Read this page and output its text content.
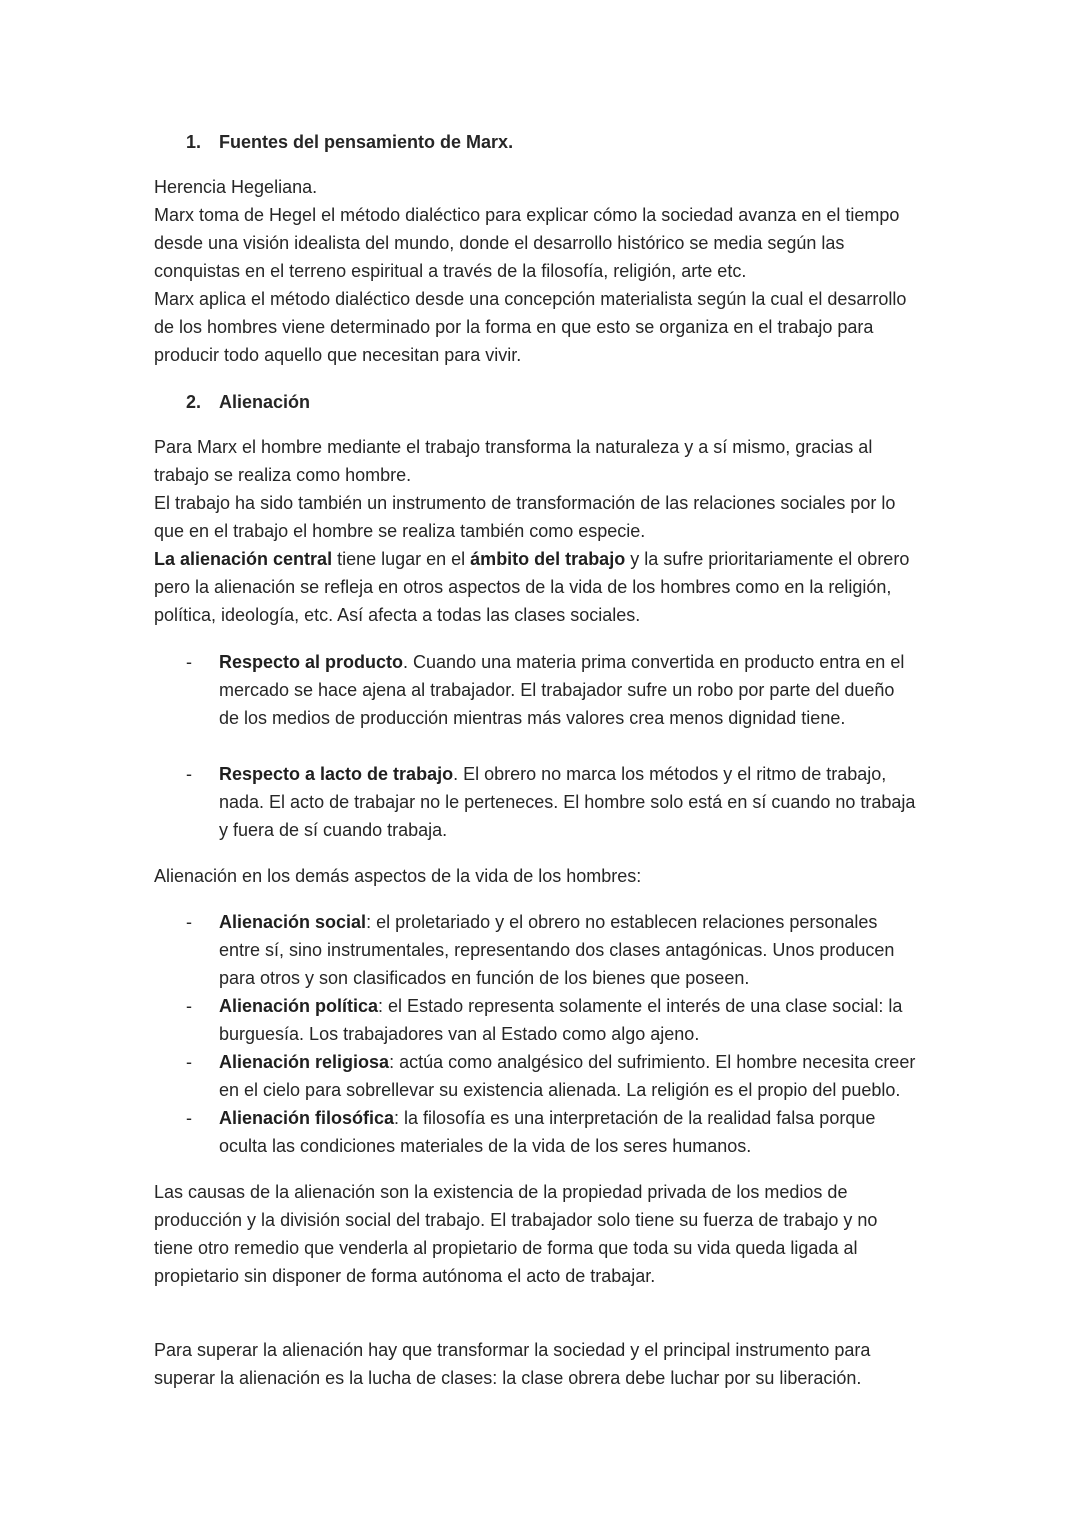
1. Fuentes del pensamiento de Marx.
Herencia Hegeliana.
Marx toma de Hegel el método dialéctico para explicar cómo la sociedad avanza en el tiempo
desde una visión idealista del mundo, donde el desarrollo histórico se media según las
conquistas en el terreno espiritual a través de la filosofía, religión, arte etc.
Marx aplica el método dialéctico desde una concepción materialista según la cual el desarrollo
de los hombres viene determinado por la forma en que esto se organiza en el trabajo para
producir todo aquello que necesitan para vivir.
2. Alienación
Para Marx el hombre mediante el trabajo transforma la naturaleza y a sí mismo, gracias al
trabajo se realiza como hombre.
El trabajo ha sido también un instrumento de transformación de las relaciones sociales por lo
que en el trabajo el hombre se realiza también como especie.
La alienación central tiene lugar en el ámbito del trabajo y la sufre prioritariamente el obrero
pero la alienación se refleja en otros aspectos de la vida de los hombres como en la religión,
política, ideología, etc. Así afecta a todas las clases sociales.
- Respecto al producto. Cuando una materia prima convertida en producto entra en el
mercado se hace ajena al trabajador. El trabajador sufre un robo por parte del dueño
de los medios de producción mientras más valores crea menos dignidad tiene.
- Respecto a lacto de trabajo. El obrero no marca los métodos y el ritmo de trabajo,
nada. El acto de trabajar no le perteneces. El hombre solo está en sí cuando no trabaja
y fuera de sí cuando trabaja.
Alienación en los demás aspectos de la vida de los hombres:
- Alienación social: el proletariado y el obrero no establecen relaciones personales
entre sí, sino instrumentales, representando dos clases antagónicas. Unos producen
para otros y son clasificados en función de los bienes que poseen.
- Alienación política: el Estado representa solamente el interés de una clase social: la
burguesía. Los trabajadores van al Estado como algo ajeno.
- Alienación religiosa: actúa como analgésico del sufrimiento. El hombre necesita creer
en el cielo para sobrellevar su existencia alienada. La religión es el propio del pueblo.
- Alienación filosófica: la filosofía es una interpretación de la realidad falsa porque
oculta las condiciones materiales de la vida de los seres humanos.
Las causas de la alienación son la existencia de la propiedad privada de los medios de
producción y la división social del trabajo. El trabajador solo tiene su fuerza de trabajo y no
tiene otro remedio que venderla al propietario de forma que toda su vida queda ligada al
propietario sin disponer de forma autónoma el acto de trabajar.
Para superar la alienación hay que transformar la sociedad y el principal instrumento para
superar la alienación es la lucha de clases: la clase obrera debe luchar por su liberación.
